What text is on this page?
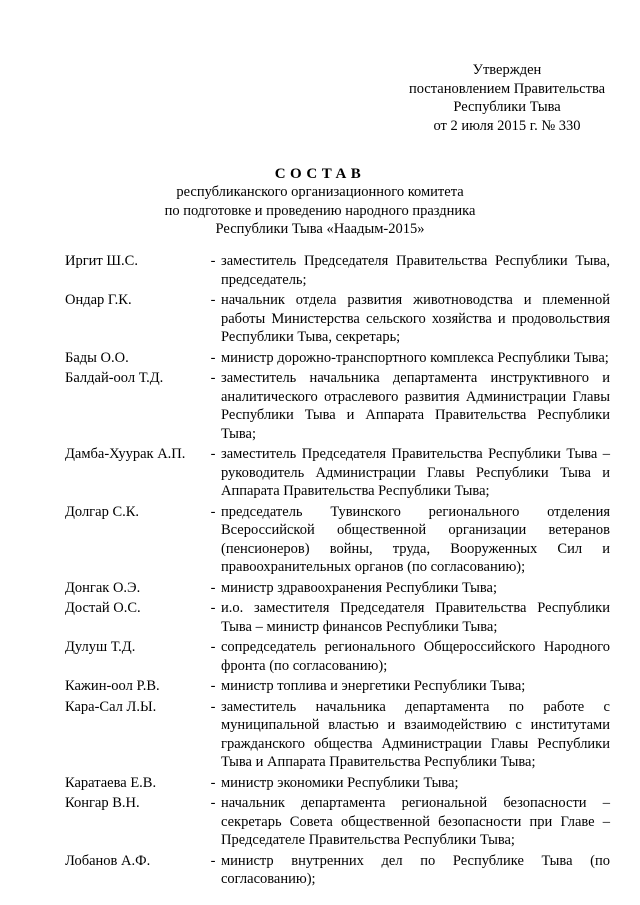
Утвержден
постановлением Правительства
Республики Тыва
от 2 июля 2015 г. № 330
СОСТАВ
республиканского организационного комитета
по подготовке и проведению народного праздника
Республики Тыва «Наадым-2015»
Иргит Ш.С.	- заместитель Председателя Правительства Республики Тыва, председатель;
Ондар Г.К.	- начальник отдела развития животноводства и племенной работы Министерства сельского хозяйства и продовольствия Республики Тыва, секретарь;
Бады О.О.	- министр дорожно-транспортного комплекса Республики Тыва;
Балдай-оол Т.Д.	- заместитель начальника департамента инструктивного и аналитического отраслевого развития Администрации Главы Республики Тыва и Аппарата Правительства Республики Тыва;
Дамба-Хуурак А.П.	- заместитель Председателя Правительства Республики Тыва – руководитель Администрации Главы Республики Тыва и Аппарата Правительства Республики Тыва;
Долгар С.К.	- председатель Тувинского регионального отделения Всероссийской общественной организации ветеранов (пенсионеров) войны, труда, Вооруженных Сил и правоохранительных органов (по согласованию);
Донгак О.Э.	- министр здравоохранения Республики Тыва;
Достай О.С.	- и.о. заместителя Председателя Правительства Республики Тыва – министр финансов Республики Тыва;
Дулуш Т.Д.	- сопредседатель регионального Общероссийского Народного фронта (по согласованию);
Кажин-оол Р.В.	- министр топлива и энергетики Республики Тыва;
Кара-Сал Л.Ы.	- заместитель начальника департамента по работе с муниципальной властью и взаимодействию с институтами гражданского общества Администрации Главы Республики Тыва и Аппарата Правительства Республики Тыва;
Каратаева Е.В.	- министр экономики Республики Тыва;
Конгар В.Н.	- начальник департамента региональной безопасности – секретарь Совета общественной безопасности при Главе – Председателе Правительства Республики Тыва;
Лобанов А.Ф.	- министр внутренних дел по Республике Тыва (по согласованию);
